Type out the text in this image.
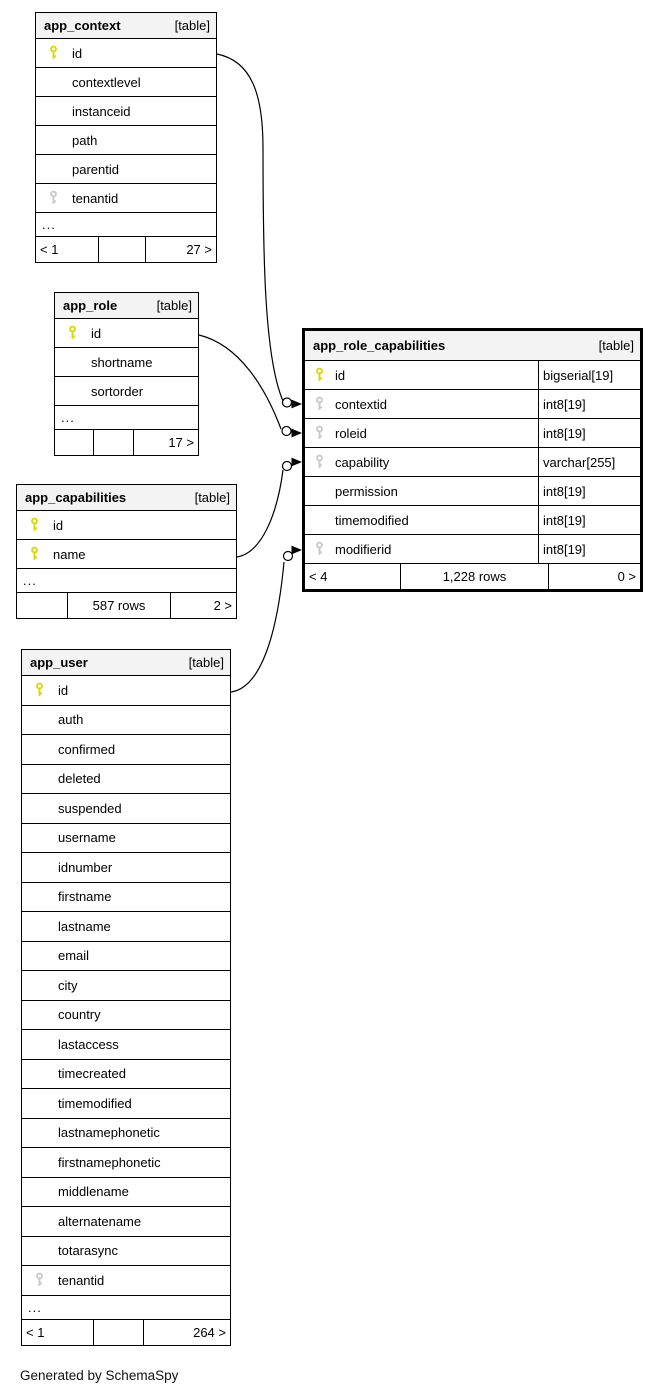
app_context	[table]
id
contextlevel
instanceid
path
parentid
tenantid
...
< 1	27 >
app_role	[table]
id
shortname
sortorder
...
17 >
app_capabilities	[table]
id
name
...
587 rows	2 >
app_role_capabilities	[table]
id	bigserial[19]
contextid	int8[19]
roleid	int8[19]
capability	varchar[255]
permission	int8[19]
timemodified	int8[19]
modifierid	int8[19]
< 4	1,228 rows	0 >
app_user	[table]
id
auth
confirmed
deleted
suspended
username
idnumber
firstname
lastname
email
city
country
lastaccess
timecreated
timemodified
lastnamephonetic
firstnamephonetic
middlename
alternatename
totarasync
tenantid
...
< 1	264 >
Generated by SchemaSpy
